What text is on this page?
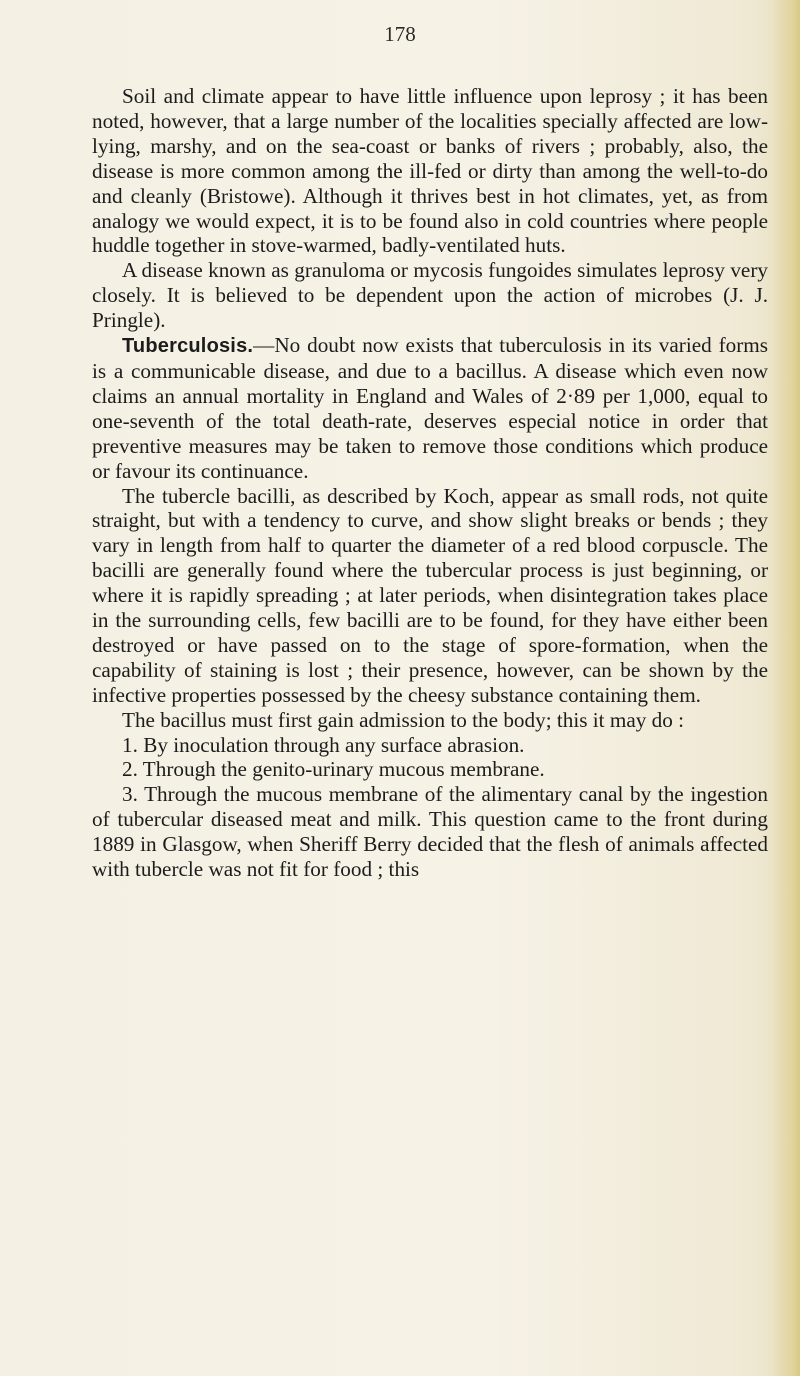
178

Soil and climate appear to have little influence upon leprosy ; it has been noted, however, that a large number of the localities specially affected are low-lying, marshy, and on the sea-coast or banks of rivers ; probably, also, the disease is more common among the ill-fed or dirty than among the well-to-do and cleanly (Bristowe). Although it thrives best in hot climates, yet, as from analogy we would expect, it is to be found also in cold countries where people huddle together in stove-warmed, badly-ventilated huts.

A disease known as granuloma or mycosis fungoides simulates leprosy very closely. It is believed to be dependent upon the action of microbes (J. J. Pringle).

Tuberculosis.—No doubt now exists that tuberculosis in its varied forms is a communicable disease, and due to a bacillus. A disease which even now claims an annual mortality in England and Wales of 2·89 per 1,000, equal to one-seventh of the total death-rate, deserves especial notice in order that preventive measures may be taken to remove those conditions which produce or favour its continuance.

The tubercle bacilli, as described by Koch, appear as small rods, not quite straight, but with a tendency to curve, and show slight breaks or bends ; they vary in length from half to quarter the diameter of a red blood corpuscle. The bacilli are generally found where the tubercular process is just beginning, or where it is rapidly spreading ; at later periods, when disintegration takes place in the surrounding cells, few bacilli are to be found, for they have either been destroyed or have passed on to the stage of spore-formation, when the capability of staining is lost ; their presence, however, can be shown by the infective properties possessed by the cheesy substance containing them.

The bacillus must first gain admission to the body; this it may do :

1. By inoculation through any surface abrasion.

2. Through the genito-urinary mucous membrane.

3. Through the mucous membrane of the alimentary canal by the ingestion of tubercular diseased meat and milk. This question came to the front during 1889 in Glasgow, when Sheriff Berry decided that the flesh of animals affected with tubercle was not fit for food ; this
